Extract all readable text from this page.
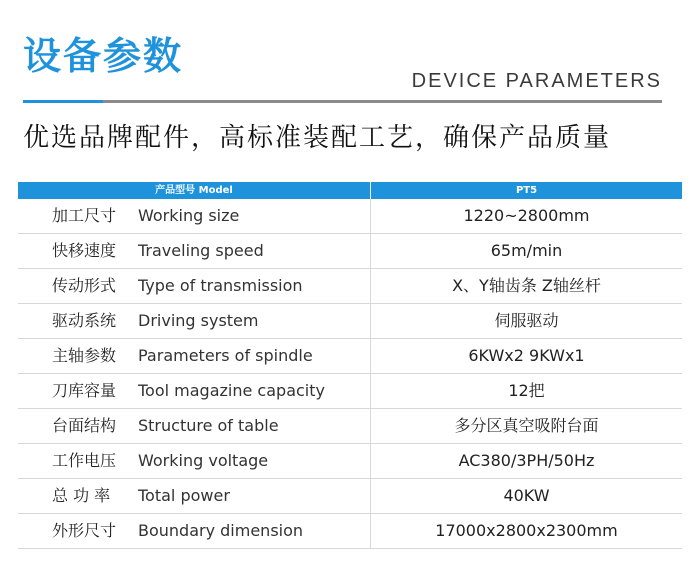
设备参数
DEVICE PARAMETERS
优选品牌配件，高标准装配工艺，确保产品质量
产品型号 Model	PT5
加工尺寸 Working size	1220~2800mm
快移速度 Traveling speed	65m/min
传动形式 Type of transmission	X、Y轴齿条 Z轴丝杆
驱动系统 Driving system	伺服驱动
主轴参数 Parameters of spindle	6KWx2 9KWx1
刀库容量 Tool magazine capacity	12把
台面结构 Structure of table	多分区真空吸附台面
工作电压 Working voltage	AC380/3PH/50Hz
总 功 率 Total power	40KW
外形尺寸 Boundary dimension	17000x2800x2300mm
